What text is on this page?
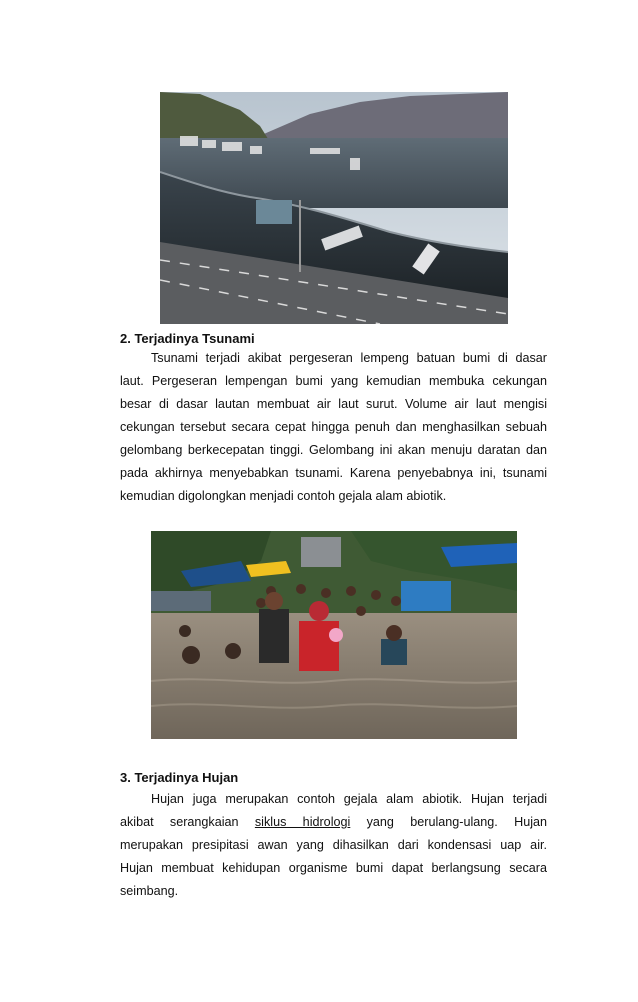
2. Terjadinya Tsunami
Tsunami terjadi akibat pergeseran lempeng batuan bumi di dasar
laut. Pergeseran lempengan bumi yang kemudian membuka cekungan
besar di dasar lautan membuat air laut surut. Volume air laut mengisi
cekungan tersebut secara cepat hingga penuh dan menghasilkan sebuah
gelombang berkecepatan tinggi. Gelombang ini akan menuju daratan dan
pada akhirnya menyebabkan tsunami. Karena penyebabnya ini, tsunami
kemudian digolongkan menjadi contoh gejala alam abiotik.
3. Terjadinya Hujan
Hujan juga merupakan contoh gejala alam abiotik. Hujan terjadi
akibat serangkaian siklus hidrologi yang berulang-ulang. Hujan
merupakan presipitasi awan yang dihasilkan dari kondensasi uap air.
Hujan membuat kehidupan organisme bumi dapat berlangsung secara
seimbang.
